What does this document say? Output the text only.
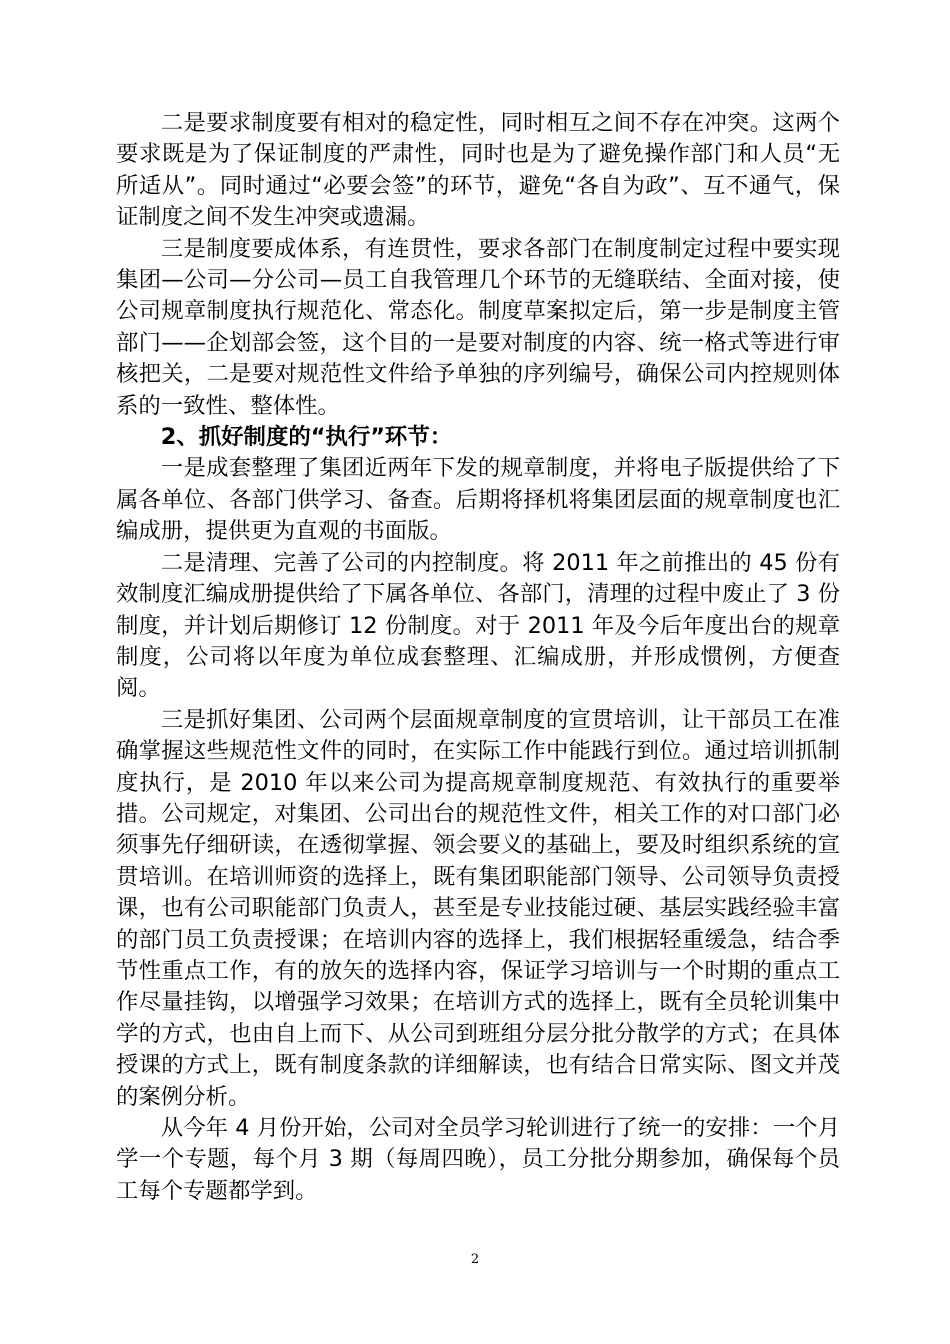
二是要求制度要有相对的稳定性，同时相互之间不存在冲突。这两个要求既是为了保证制度的严肃性，同时也是为了避免操作部门和人员“无所适从”。同时通过“必要会签”的环节，避免“各自为政”、互不通气，保证制度之间不发生冲突或遗漏。

三是制度要成体系，有连贯性，要求各部门在制度制定过程中要实现集团—公司—分公司—员工自我管理几个环节的无缝联结、全面对接，使公司规章制度执行规范化、常态化。制度草案拟定后，第一步是制度主管部门——企划部会签，这个目的一是要对制度的内容、统一格式等进行审核把关，二是要对规范性文件给予单独的序列编号，确保公司内控规则体系的一致性、整体性。

2、抓好制度的“执行”环节：

一是成套整理了集团近两年下发的规章制度，并将电子版提供给了下属各单位、各部门供学习、备查。后期将择机将集团层面的规章制度也汇编成册，提供更为直观的书面版。

二是清理、完善了公司的内控制度。将 2011 年之前推出的 45 份有效制度汇编成册提供给了下属各单位、各部门，清理的过程中废止了 3 份制度，并计划后期修订 12 份制度。对于 2011 年及今后年度出台的规章制度，公司将以年度为单位成套整理、汇编成册，并形成惯例，方便查阅。

三是抓好集团、公司两个层面规章制度的宣贯培训，让干部员工在准确掌握这些规范性文件的同时，在实际工作中能践行到位。通过培训抓制度执行，是 2010 年以来公司为提高规章制度规范、有效执行的重要举措。公司规定，对集团、公司出台的规范性文件，相关工作的对口部门必须事先仔细研读，在透彻掌握、领会要义的基础上，要及时组织系统的宣贯培训。在培训师资的选择上，既有集团职能部门领导、公司领导负责授课，也有公司职能部门负责人，甚至是专业技能过硬、基层实践经验丰富的部门员工负责授课；在培训内容的选择上，我们根据轻重缓急，结合季节性重点工作，有的放矢的选择内容，保证学习培训与一个时期的重点工作尽量挂钩，以增强学习效果；在培训方式的选择上，既有全员轮训集中学的方式，也由自上而下、从公司到班组分层分批分散学的方式；在具体授课的方式上，既有制度条款的详细解读，也有结合日常实际、图文并茂的案例分析。

从今年 4 月份开始，公司对全员学习轮训进行了统一的安排：一个月学一个专题，每个月 3 期（每周四晚），员工分批分期参加，确保每个员工每个专题都学到。

2
